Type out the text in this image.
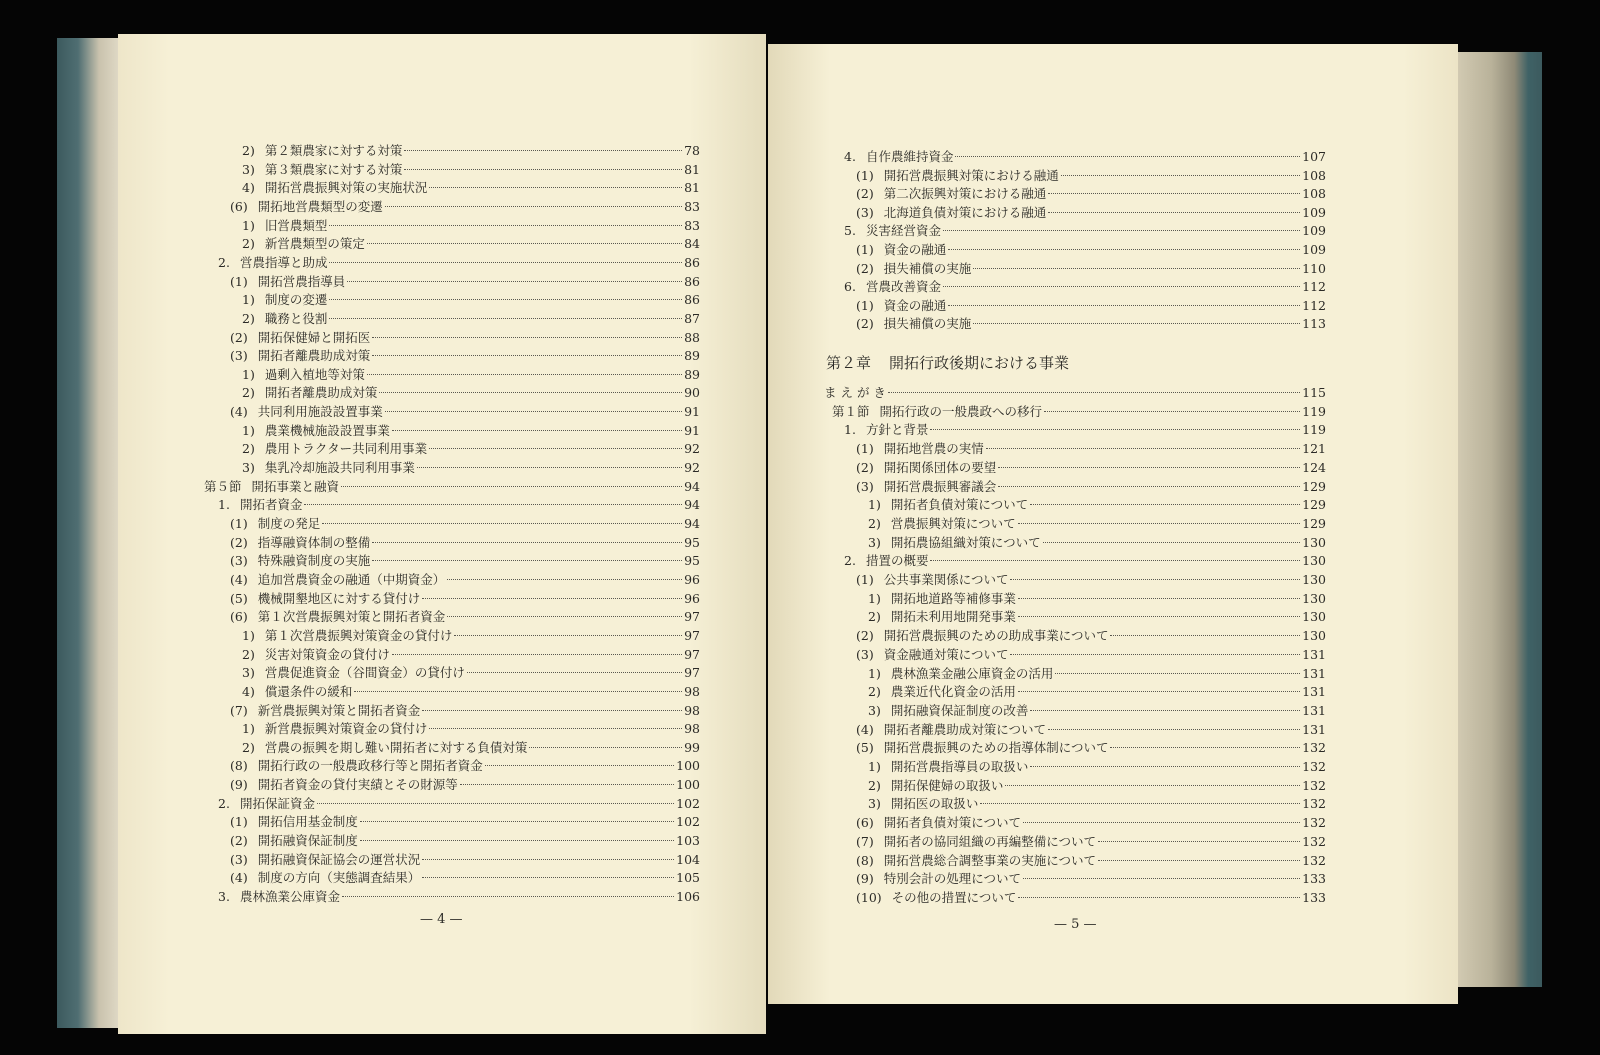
2) 第２類農家に対する対策	78
3) 第３類農家に対する対策	81
4) 開拓営農振興対策の実施状況	81
(6) 開拓地営農類型の変遷	83
1) 旧営農類型	83
2) 新営農類型の策定	84
2. 営農指導と助成	86
(1) 開拓営農指導員	86
1) 制度の変遷	86
2) 職務と役割	87
(2) 開拓保健婦と開拓医	88
(3) 開拓者離農助成対策	89
1) 過剰入植地等対策	89
2) 開拓者離農助成対策	90
(4) 共同利用施設設置事業	91
1) 農業機械施設設置事業	91
2) 農用トラクター共同利用事業	92
3) 集乳冷却施設共同利用事業	92
第５節 開拓事業と融資	94
1. 開拓者資金	94
(1) 制度の発足	94
(2) 指導融資体制の整備	95
(3) 特殊融資制度の実施	95
(4) 追加営農資金の融通（中期資金）	96
(5) 機械開墾地区に対する貸付け	96
(6) 第１次営農振興対策と開拓者資金	97
1) 第１次営農振興対策資金の貸付け	97
2) 災害対策資金の貸付け	97
3) 営農促進資金（谷間資金）の貸付け	97
4) 償還条件の緩和	98
(7) 新営農振興対策と開拓者資金	98
1) 新営農振興対策資金の貸付け	98
2) 営農の振興を期し難い開拓者に対する負債対策	99
(8) 開拓行政の一般農政移行等と開拓者資金	100
(9) 開拓者資金の貸付実績とその財源等	100
2. 開拓保証資金	102
(1) 開拓信用基金制度	102
(2) 開拓融資保証制度	103
(3) 開拓融資保証協会の運営状況	104
(4) 制度の方向（実態調査結果）	105
3. 農林漁業公庫資金	106
— 4 —
4. 自作農維持資金	107
(1) 開拓営農振興対策における融通	108
(2) 第二次振興対策における融通	108
(3) 北海道負債対策における融通	109
5. 災害経営資金	109
(1) 資金の融通	109
(2) 損失補償の実施	110
6. 営農改善資金	112
(1) 資金の融通	112
(2) 損失補償の実施	113
第２章 開拓行政後期における事業
ま え が き	115
第１節 開拓行政の一般農政への移行	119
1. 方針と背景	119
(1) 開拓地営農の実情	121
(2) 開拓関係団体の要望	124
(3) 開拓営農振興審議会	129
1) 開拓者負債対策について	129
2) 営農振興対策について	129
3) 開拓農協組織対策について	130
2. 措置の概要	130
(1) 公共事業関係について	130
1) 開拓地道路等補修事業	130
2) 開拓未利用地開発事業	130
(2) 開拓営農振興のための助成事業について	130
(3) 資金融通対策について	131
1) 農林漁業金融公庫資金の活用	131
2) 農業近代化資金の活用	131
3) 開拓融資保証制度の改善	131
(4) 開拓者離農助成対策について	131
(5) 開拓営農振興のための指導体制について	132
1) 開拓営農指導員の取扱い	132
2) 開拓保健婦の取扱い	132
3) 開拓医の取扱い	132
(6) 開拓者負債対策について	132
(7) 開拓者の協同組織の再編整備について	132
(8) 開拓営農総合調整事業の実施について	132
(9) 特別会計の処理について	133
(10) その他の措置について	133
— 5 —
